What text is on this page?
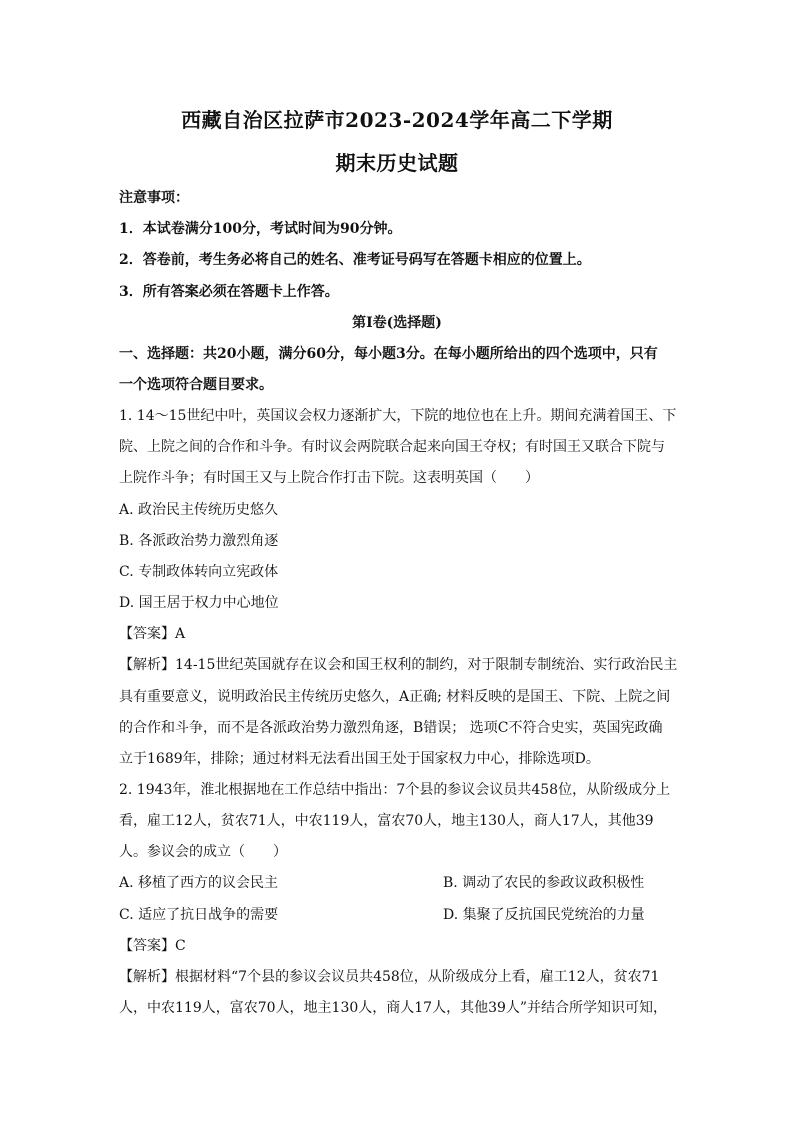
西藏自治区拉萨市2023-2024学年高二下学期
期末历史试题
注意事项：
1．本试卷满分100分，考试时间为90分钟。
2．答卷前，考生务必将自己的姓名、准考证号码写在答题卡相应的位置上。
3．所有答案必须在答题卡上作答。
第I卷(选择题)
一、选择题：共20小题，满分60分，每小题3分。在每小题所给出的四个选项中，只有
一个选项符合题目要求。
1. 14～15世纪中叶，英国议会权力逐渐扩大，下院的地位也在上升。期间充满着国王、下
院、上院之间的合作和斗争。有时议会两院联合起来向国王夺权；有时国王又联合下院与
上院作斗争；有时国王又与上院合作打击下院。这表明英国（　　）
A. 政治民主传统历史悠久
B. 各派政治势力激烈角逐
C. 专制政体转向立宪政体
D. 国王居于权力中心地位
【答案】A
【解析】14-15世纪英国就存在议会和国王权利的制约，对于限制专制统治、实行政治民主
具有重要意义，说明政治民主传统历史悠久，A正确; 材料反映的是国王、下院、上院之间
的合作和斗争，而不是各派政治势力激烈角逐，B错误； 选项C不符合史实，英国宪政确
立于1689年，排除；通过材料无法看出国王处于国家权力中心，排除选项D。
2. 1943年，淮北根据地在工作总结中指出：7个县的参议会议员共458位，从阶级成分上
看，雇工12人，贫农71人，中农119人，富农70人，地主130人，商人17人，其他39
人。参议会的成立（　　）
A. 移植了西方的议会民主	B. 调动了农民的参政议政积极性
C. 适应了抗日战争的需要	D. 集聚了反抗国民党统治的力量
【答案】C
【解析】根据材料“7个县的参议会议员共458位，从阶级成分上看，雇工12人，贫农71
人，中农119人，富农70人，地主130人，商人17人，其他39人”并结合所学知识可知，
